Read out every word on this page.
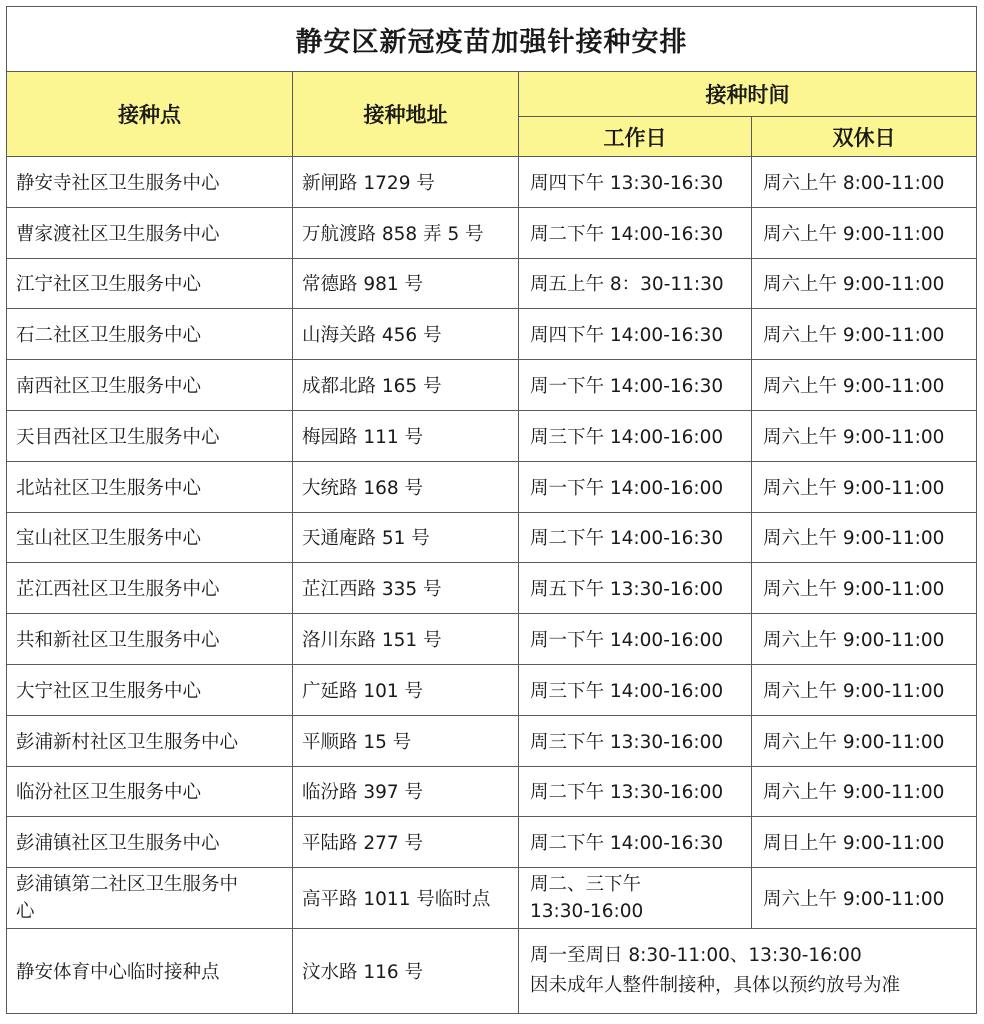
静安区新冠疫苗加强针接种安排			
接种点	接种地址	接种时间	
		工作日	双休日
静安寺社区卫生服务中心	新闸路 1729 号	周四下午 13:30-16:30	周六上午 8:00-11:00
曹家渡社区卫生服务中心	万航渡路 858 弄 5 号	周二下午 14:00-16:30	周六上午 9:00-11:00
江宁社区卫生服务中心	常德路 981 号	周五上午 8：30-11:30	周六上午 9:00-11:00
石二社区卫生服务中心	山海关路 456 号	周四下午 14:00-16:30	周六上午 9:00-11:00
南西社区卫生服务中心	成都北路 165 号	周一下午 14:00-16:30	周六上午 9:00-11:00
天目西社区卫生服务中心	梅园路 111 号	周三下午 14:00-16:00	周六上午 9:00-11:00
北站社区卫生服务中心	大统路 168 号	周一下午 14:00-16:00	周六上午 9:00-11:00
宝山社区卫生服务中心	天通庵路 51 号	周二下午 14:00-16:30	周六上午 9:00-11:00
芷江西社区卫生服务中心	芷江西路 335 号	周五下午 13:30-16:00	周六上午 9:00-11:00
共和新社区卫生服务中心	洛川东路 151 号	周一下午 14:00-16:00	周六上午 9:00-11:00
大宁社区卫生服务中心	广延路 101 号	周三下午 14:00-16:00	周六上午 9:00-11:00
彭浦新村社区卫生服务中心	平顺路 15 号	周三下午 13:30-16:00	周六上午 9:00-11:00
临汾社区卫生服务中心	临汾路 397 号	周二下午 13:30-16:00	周六上午 9:00-11:00
彭浦镇社区卫生服务中心	平陆路 277 号	周二下午 14:00-16:30	周日上午 9:00-11:00

彭浦镇第二社区卫生服务中
心	高平路 1011 号临时点	周二、三下午
13:30-16:00	周六上午 9:00-11:00
静安体育中心临时接种点	汶水路 116 号	周一至周日 8:30-11:00、13:30-16:00
因未成年人整件制接种，具体以预约放号为准	
